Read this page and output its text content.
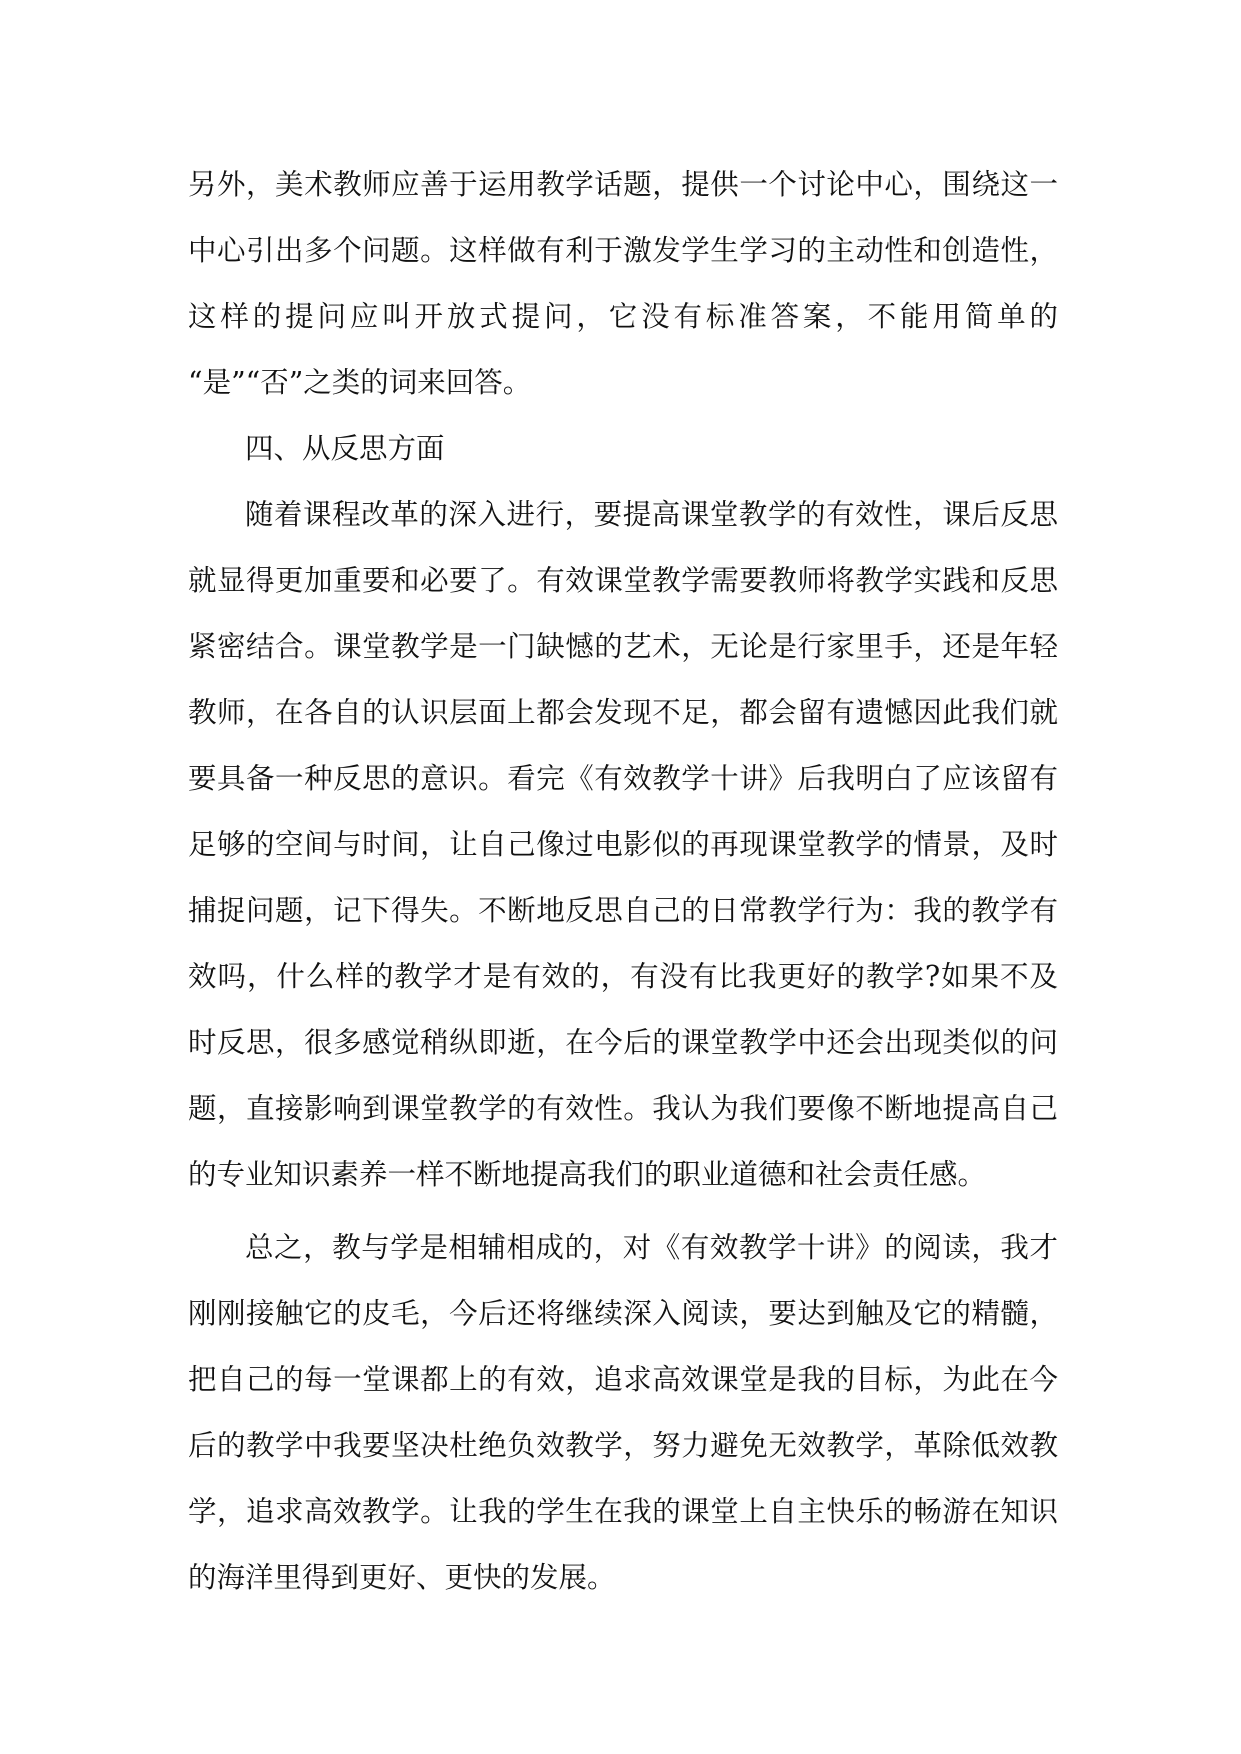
另外，美术教师应善于运用教学话题，提供一个讨论中心，围绕这一
中心引出多个问题。这样做有利于激发学生学习的主动性和创造性，
这样的提问应叫开放式提问，它没有标准答案，不能用简单的
“是”“否”之类的词来回答。
四、从反思方面
随着课程改革的深入进行，要提高课堂教学的有效性，课后反思
就显得更加重要和必要了。有效课堂教学需要教师将教学实践和反思
紧密结合。课堂教学是一门缺憾的艺术，无论是行家里手，还是年轻
教师，在各自的认识层面上都会发现不足，都会留有遗憾因此我们就
要具备一种反思的意识。看完《有效教学十讲》后我明白了应该留有
足够的空间与时间，让自己像过电影似的再现课堂教学的情景，及时
捕捉问题，记下得失。不断地反思自己的日常教学行为：我的教学有
效吗，什么样的教学才是有效的，有没有比我更好的教学?如果不及
时反思，很多感觉稍纵即逝，在今后的课堂教学中还会出现类似的问
题，直接影响到课堂教学的有效性。我认为我们要像不断地提高自己
的专业知识素养一样不断地提高我们的职业道德和社会责任感。
总之，教与学是相辅相成的，对《有效教学十讲》的阅读，我才
刚刚接触它的皮毛，今后还将继续深入阅读，要达到触及它的精髓，
把自己的每一堂课都上的有效，追求高效课堂是我的目标，为此在今
后的教学中我要坚决杜绝负效教学，努力避免无效教学，革除低效教
学，追求高效教学。让我的学生在我的课堂上自主快乐的畅游在知识
的海洋里得到更好、更快的发展。
